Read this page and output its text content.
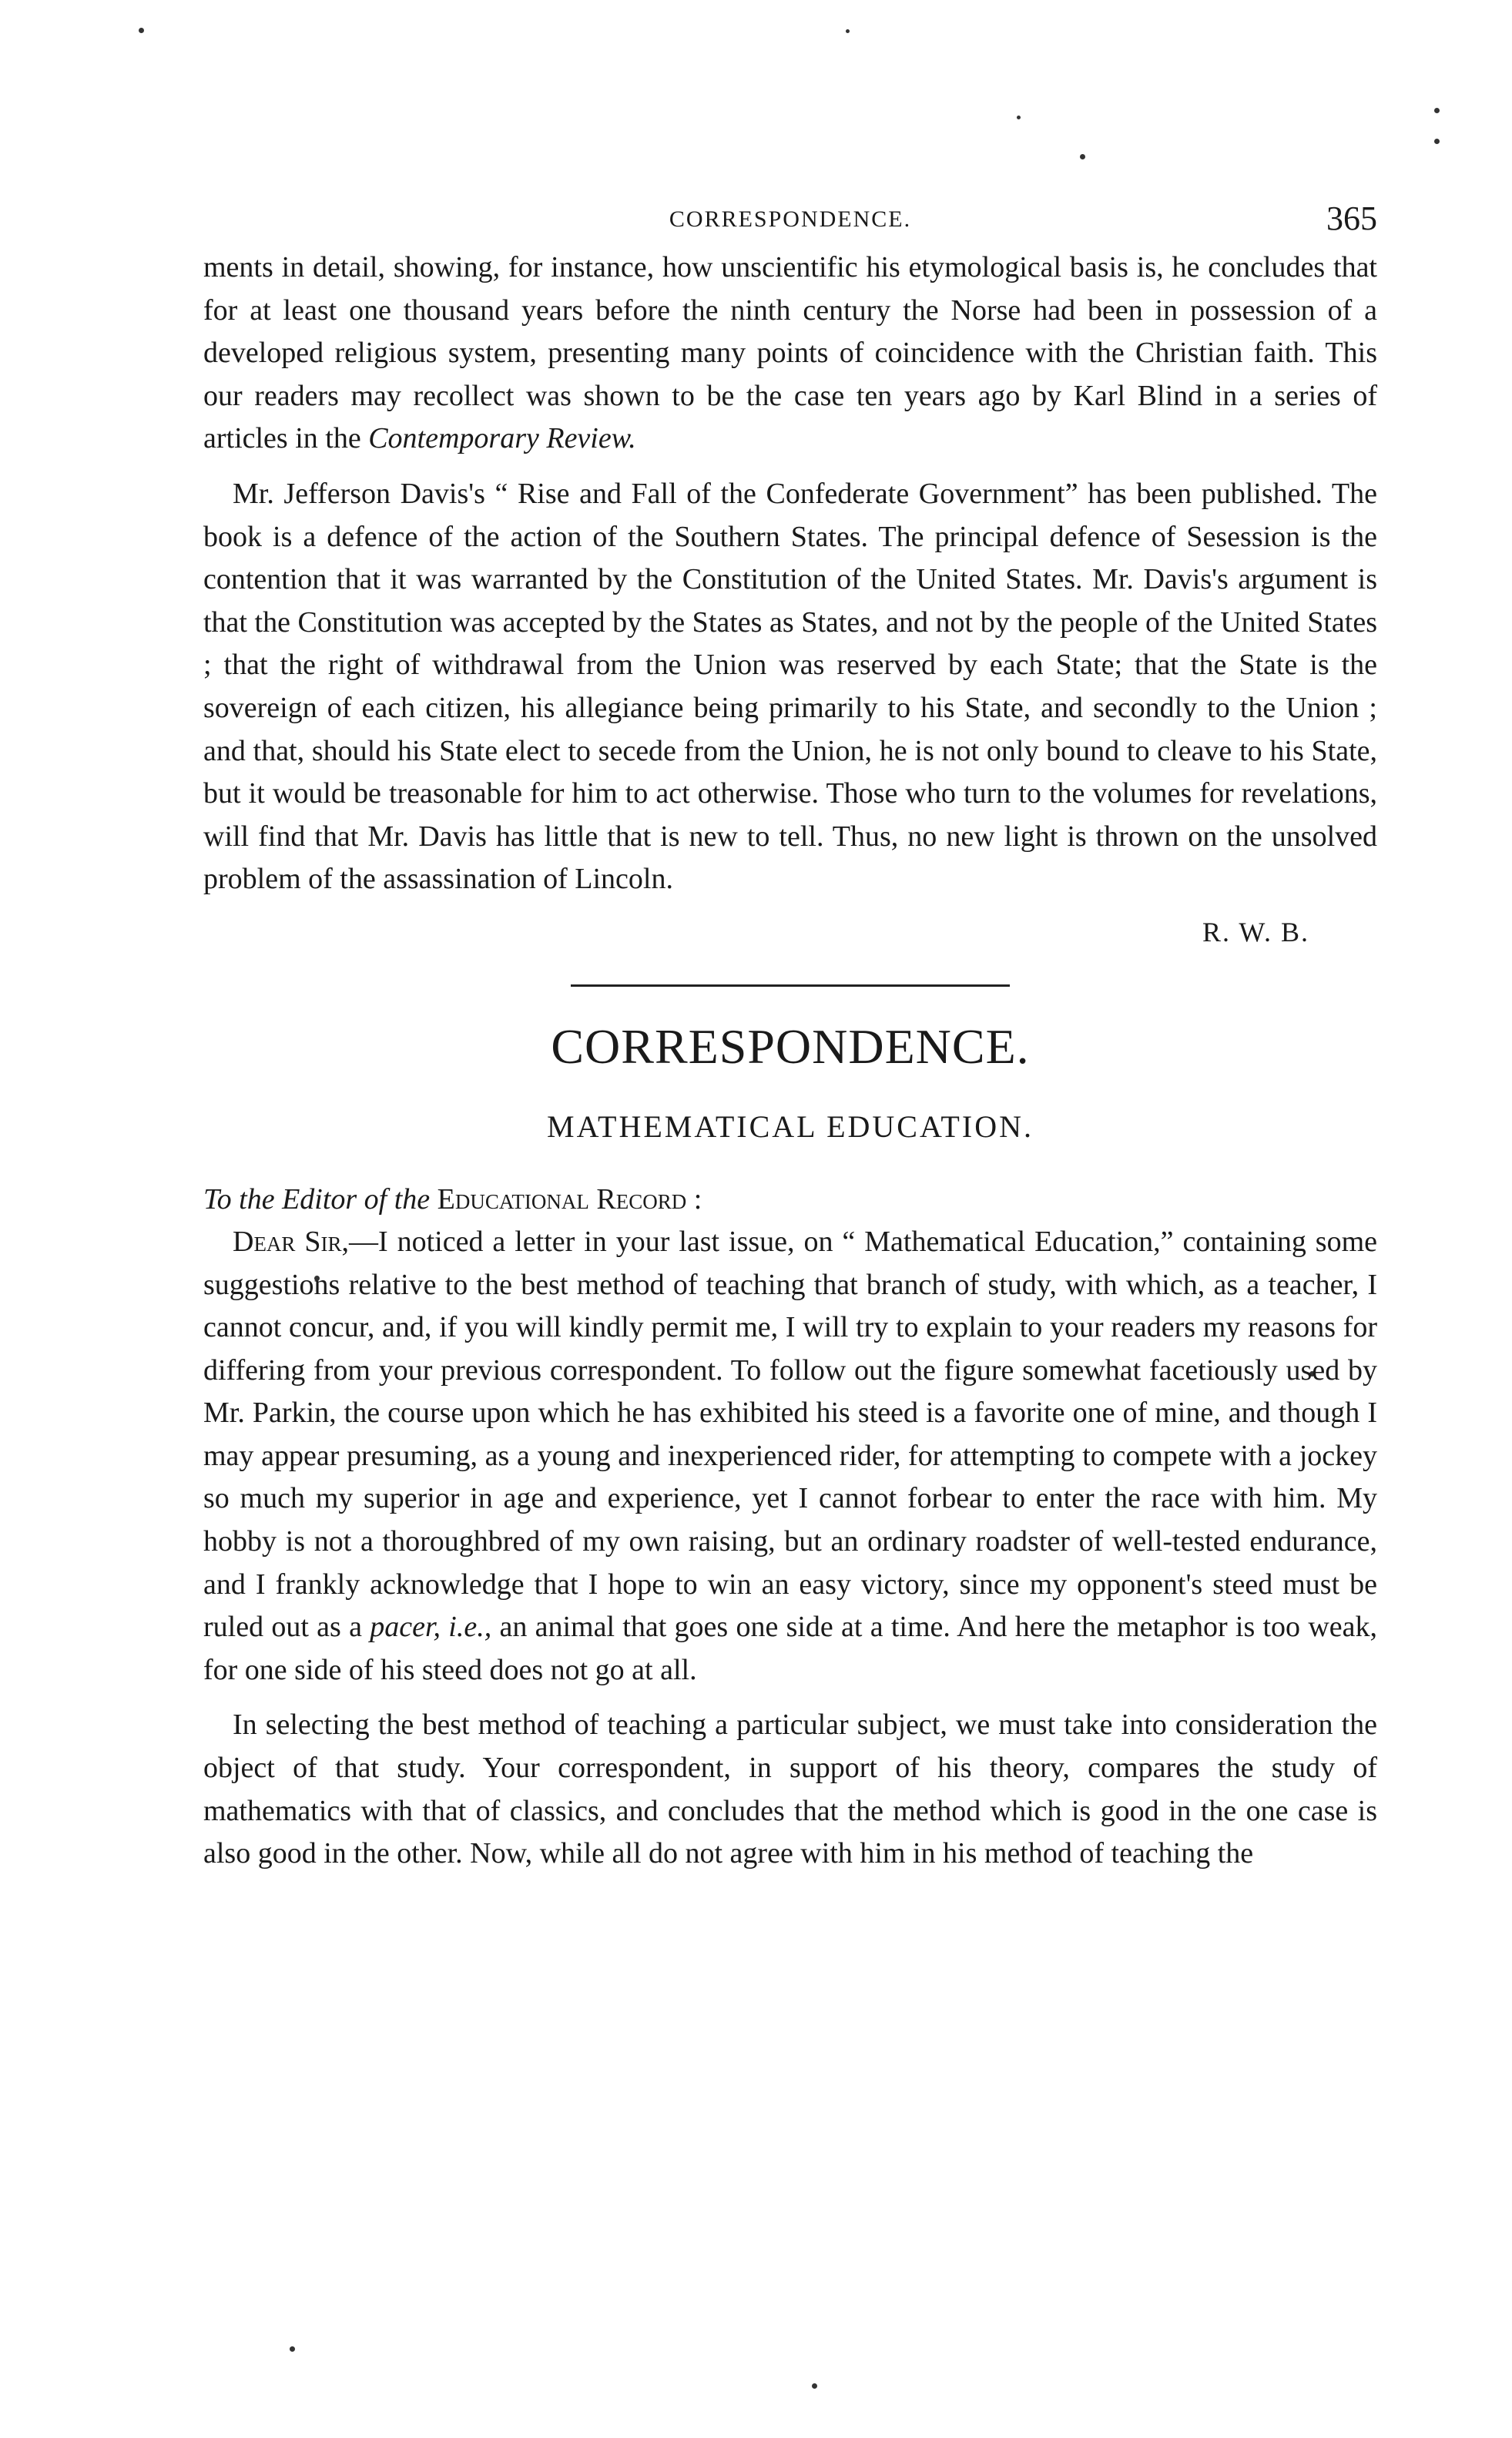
CORRESPONDENCE.	365

ments in detail, showing, for instance, how unscientific his etymological basis is, he concludes that for at least one thousand years before the ninth century the Norse had been in possession of a developed religious system, presenting many points of coincidence with the Christian faith. This our readers may recollect was shown to be the case ten years ago by Karl Blind in a series of articles in the Contemporary Review.

Mr. Jefferson Davis's “ Rise and Fall of the Confederate Government” has been published. The book is a defence of the action of the Southern States. The principal defence of Sesession is the contention that it was warranted by the Constitution of the United States. Mr. Davis's argument is that the Constitution was accepted by the States as States, and not by the people of the United States ; that the right of withdrawal from the Union was reserved by each State; that the State is the sovereign of each citizen, his allegiance being primarily to his State, and secondly to the Union ; and that, should his State elect to secede from the Union, he is not only bound to cleave to his State, but it would be treasonable for him to act otherwise. Those who turn to the volumes for revelations, will find that Mr. Davis has little that is new to tell. Thus, no new light is thrown on the unsolved problem of the assassination of Lincoln.

R. W. B.
CORRESPONDENCE.
MATHEMATICAL EDUCATION.
To the Editor of the Educational Record :

Dear Sir,—I noticed a letter in your last issue, on “ Mathematical Education,” containing some suggestions relative to the best method of teaching that branch of study, with which, as a teacher, I cannot concur, and, if you will kindly permit me, I will try to explain to your readers my reasons for differing from your previous correspondent. To follow out the figure somewhat facetiously used by Mr. Parkin, the course upon which he has exhibited his steed is a favorite one of mine, and though I may appear presuming, as a young and inexperienced rider, for attempting to compete with a jockey so much my superior in age and experience, yet I cannot forbear to enter the race with him. My hobby is not a thoroughbred of my own raising, but an ordinary roadster of well-tested endurance, and I frankly acknowledge that I hope to win an easy victory, since my opponent's steed must be ruled out as a pacer, i.e., an animal that goes one side at a time. And here the metaphor is too weak, for one side of his steed does not go at all.

In selecting the best method of teaching a particular subject, we must take into consideration the object of that study. Your correspondent, in support of his theory, compares the study of mathematics with that of classics, and concludes that the method which is good in the one case is also good in the other. Now, while all do not agree with him in his method of teaching the
